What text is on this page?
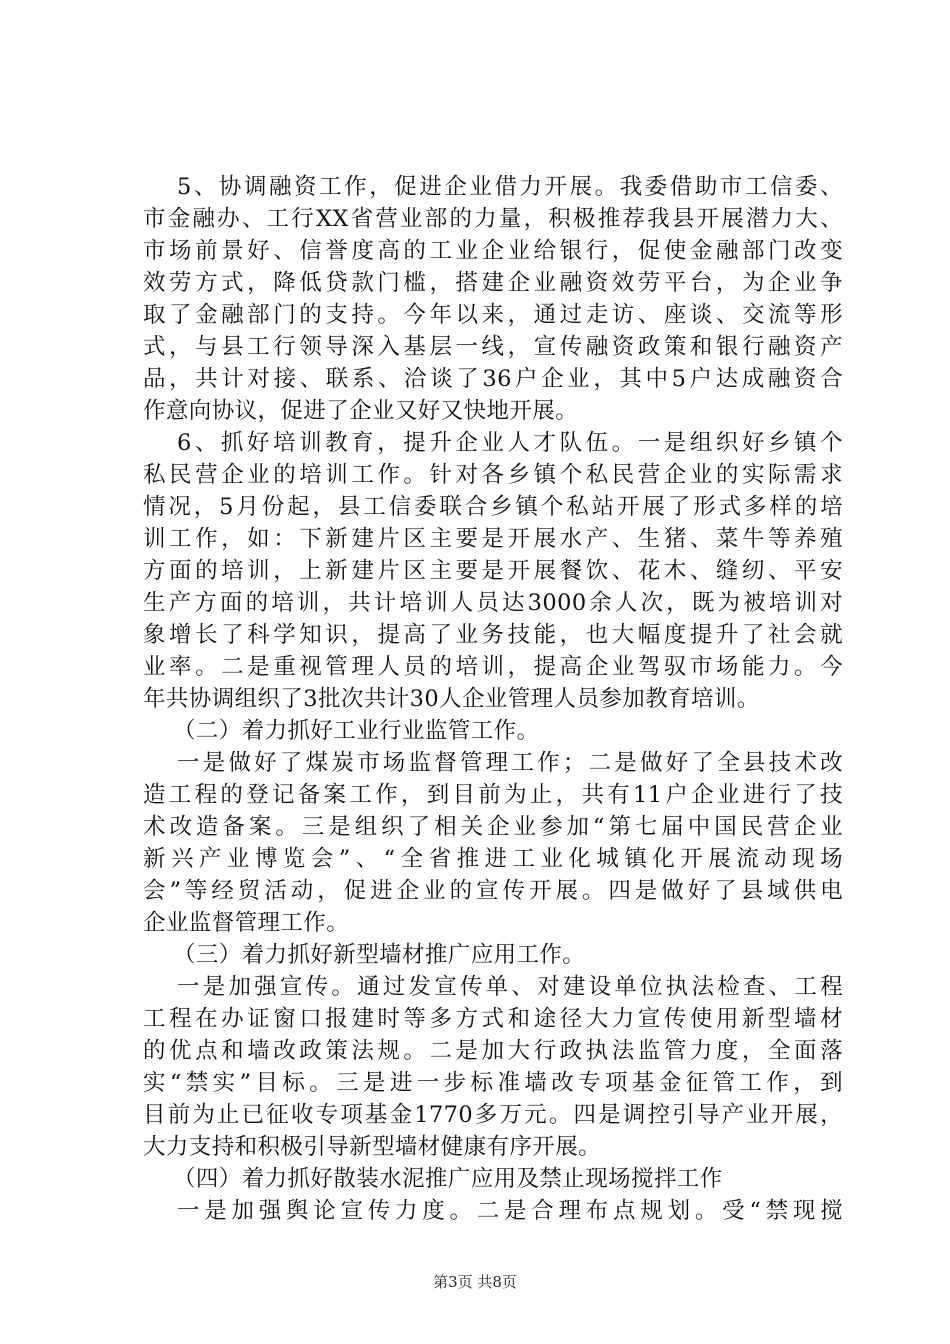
5、协调融资工作，促进企业借力开展。我委借助市工信委、
市金融办、工行XX省营业部的力量，积极推荐我县开展潜力大、
市场前景好、信誉度高的工业企业给银行，促使金融部门改变
效劳方式，降低贷款门槛，搭建企业融资效劳平台，为企业争
取了金融部门的支持。今年以来，通过走访、座谈、交流等形
式，与县工行领导深入基层一线，宣传融资政策和银行融资产
品，共计对接、联系、洽谈了36户企业，其中5户达成融资合
作意向协议，促进了企业又好又快地开展。
6、抓好培训教育，提升企业人才队伍。一是组织好乡镇个
私民营企业的培训工作。针对各乡镇个私民营企业的实际需求
情况，5月份起，县工信委联合乡镇个私站开展了形式多样的培
训工作，如：下新建片区主要是开展水产、生猪、菜牛等养殖
方面的培训，上新建片区主要是开展餐饮、花木、缝纫、平安
生产方面的培训，共计培训人员达3000余人次，既为被培训对
象增长了科学知识，提高了业务技能，也大幅度提升了社会就
业率。二是重视管理人员的培训，提高企业驾驭市场能力。今
年共协调组织了3批次共计30人企业管理人员参加教育培训。
（二）着力抓好工业行业监管工作。
一是做好了煤炭市场监督管理工作；二是做好了全县技术改
造工程的登记备案工作，到目前为止，共有11户企业进行了技
术改造备案。三是组织了相关企业参加“第七届中国民营企业
新兴产业博览会”、“全省推进工业化城镇化开展流动现场
会”等经贸活动，促进企业的宣传开展。四是做好了县域供电
企业监督管理工作。
（三）着力抓好新型墙材推广应用工作。
一是加强宣传。通过发宣传单、对建设单位执法检查、工程
工程在办证窗口报建时等多方式和途径大力宣传使用新型墙材
的优点和墙改政策法规。二是加大行政执法监管力度，全面落
实“禁实”目标。三是进一步标准墙改专项基金征管工作，到
目前为止已征收专项基金1770多万元。四是调控引导产业开展，
大力支持和积极引导新型墙材健康有序开展。
（四）着力抓好散装水泥推广应用及禁止现场搅拌工作
一是加强舆论宣传力度。二是合理布点规划。受“禁现搅
第3页 共8页
